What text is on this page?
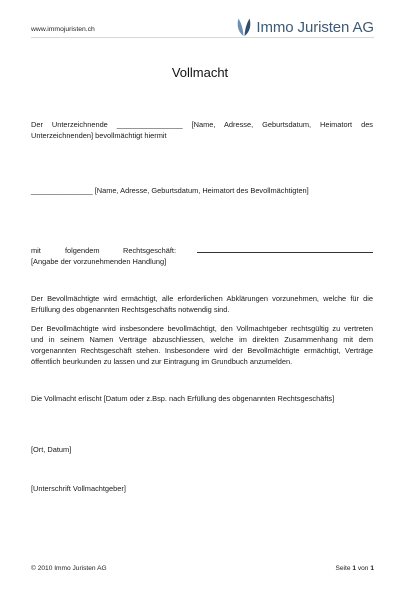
www.immojuristen.ch	Immo Juristen AG
Vollmacht
Der Unterzeichnende ________________ [Name, Adresse, Geburtsdatum, Heimatort des Unterzeichnenden] bevollmächtigt hiermit
_______________ [Name, Adresse, Geburtsdatum, Heimatort des Bevollmächtigten]
mit	folgendem	Rechtsgeschäft:
[Angabe der vorzunehmenden Handlung]
Der Bevollmächtigte wird ermächtigt, alle erforderlichen Abklärungen vorzunehmen, welche für die Erfüllung des obgenannten Rechtsgeschäfts notwendig sind.
Der Bevollmächtigte wird insbesondere bevollmächtigt, den Vollmachtgeber rechtsgültig zu vertreten und in seinem Namen Verträge abzuschliessen, welche im direkten Zusammenhang mit dem vorgenannten Rechtsgeschäft stehen. Insbesondere wird der Bevollmächtigte ermächtigt, Verträge öffentlich beurkunden zu lassen und zur Eintragung im Grundbuch anzumelden.
Die Vollmacht erlischt [Datum oder z.Bsp. nach Erfüllung des obgenannten Rechtsgeschäfts]
[Ort, Datum]
[Unterschrift Vollmachtgeber]
© 2010 Immo Juristen AG	Seite 1 von 1
